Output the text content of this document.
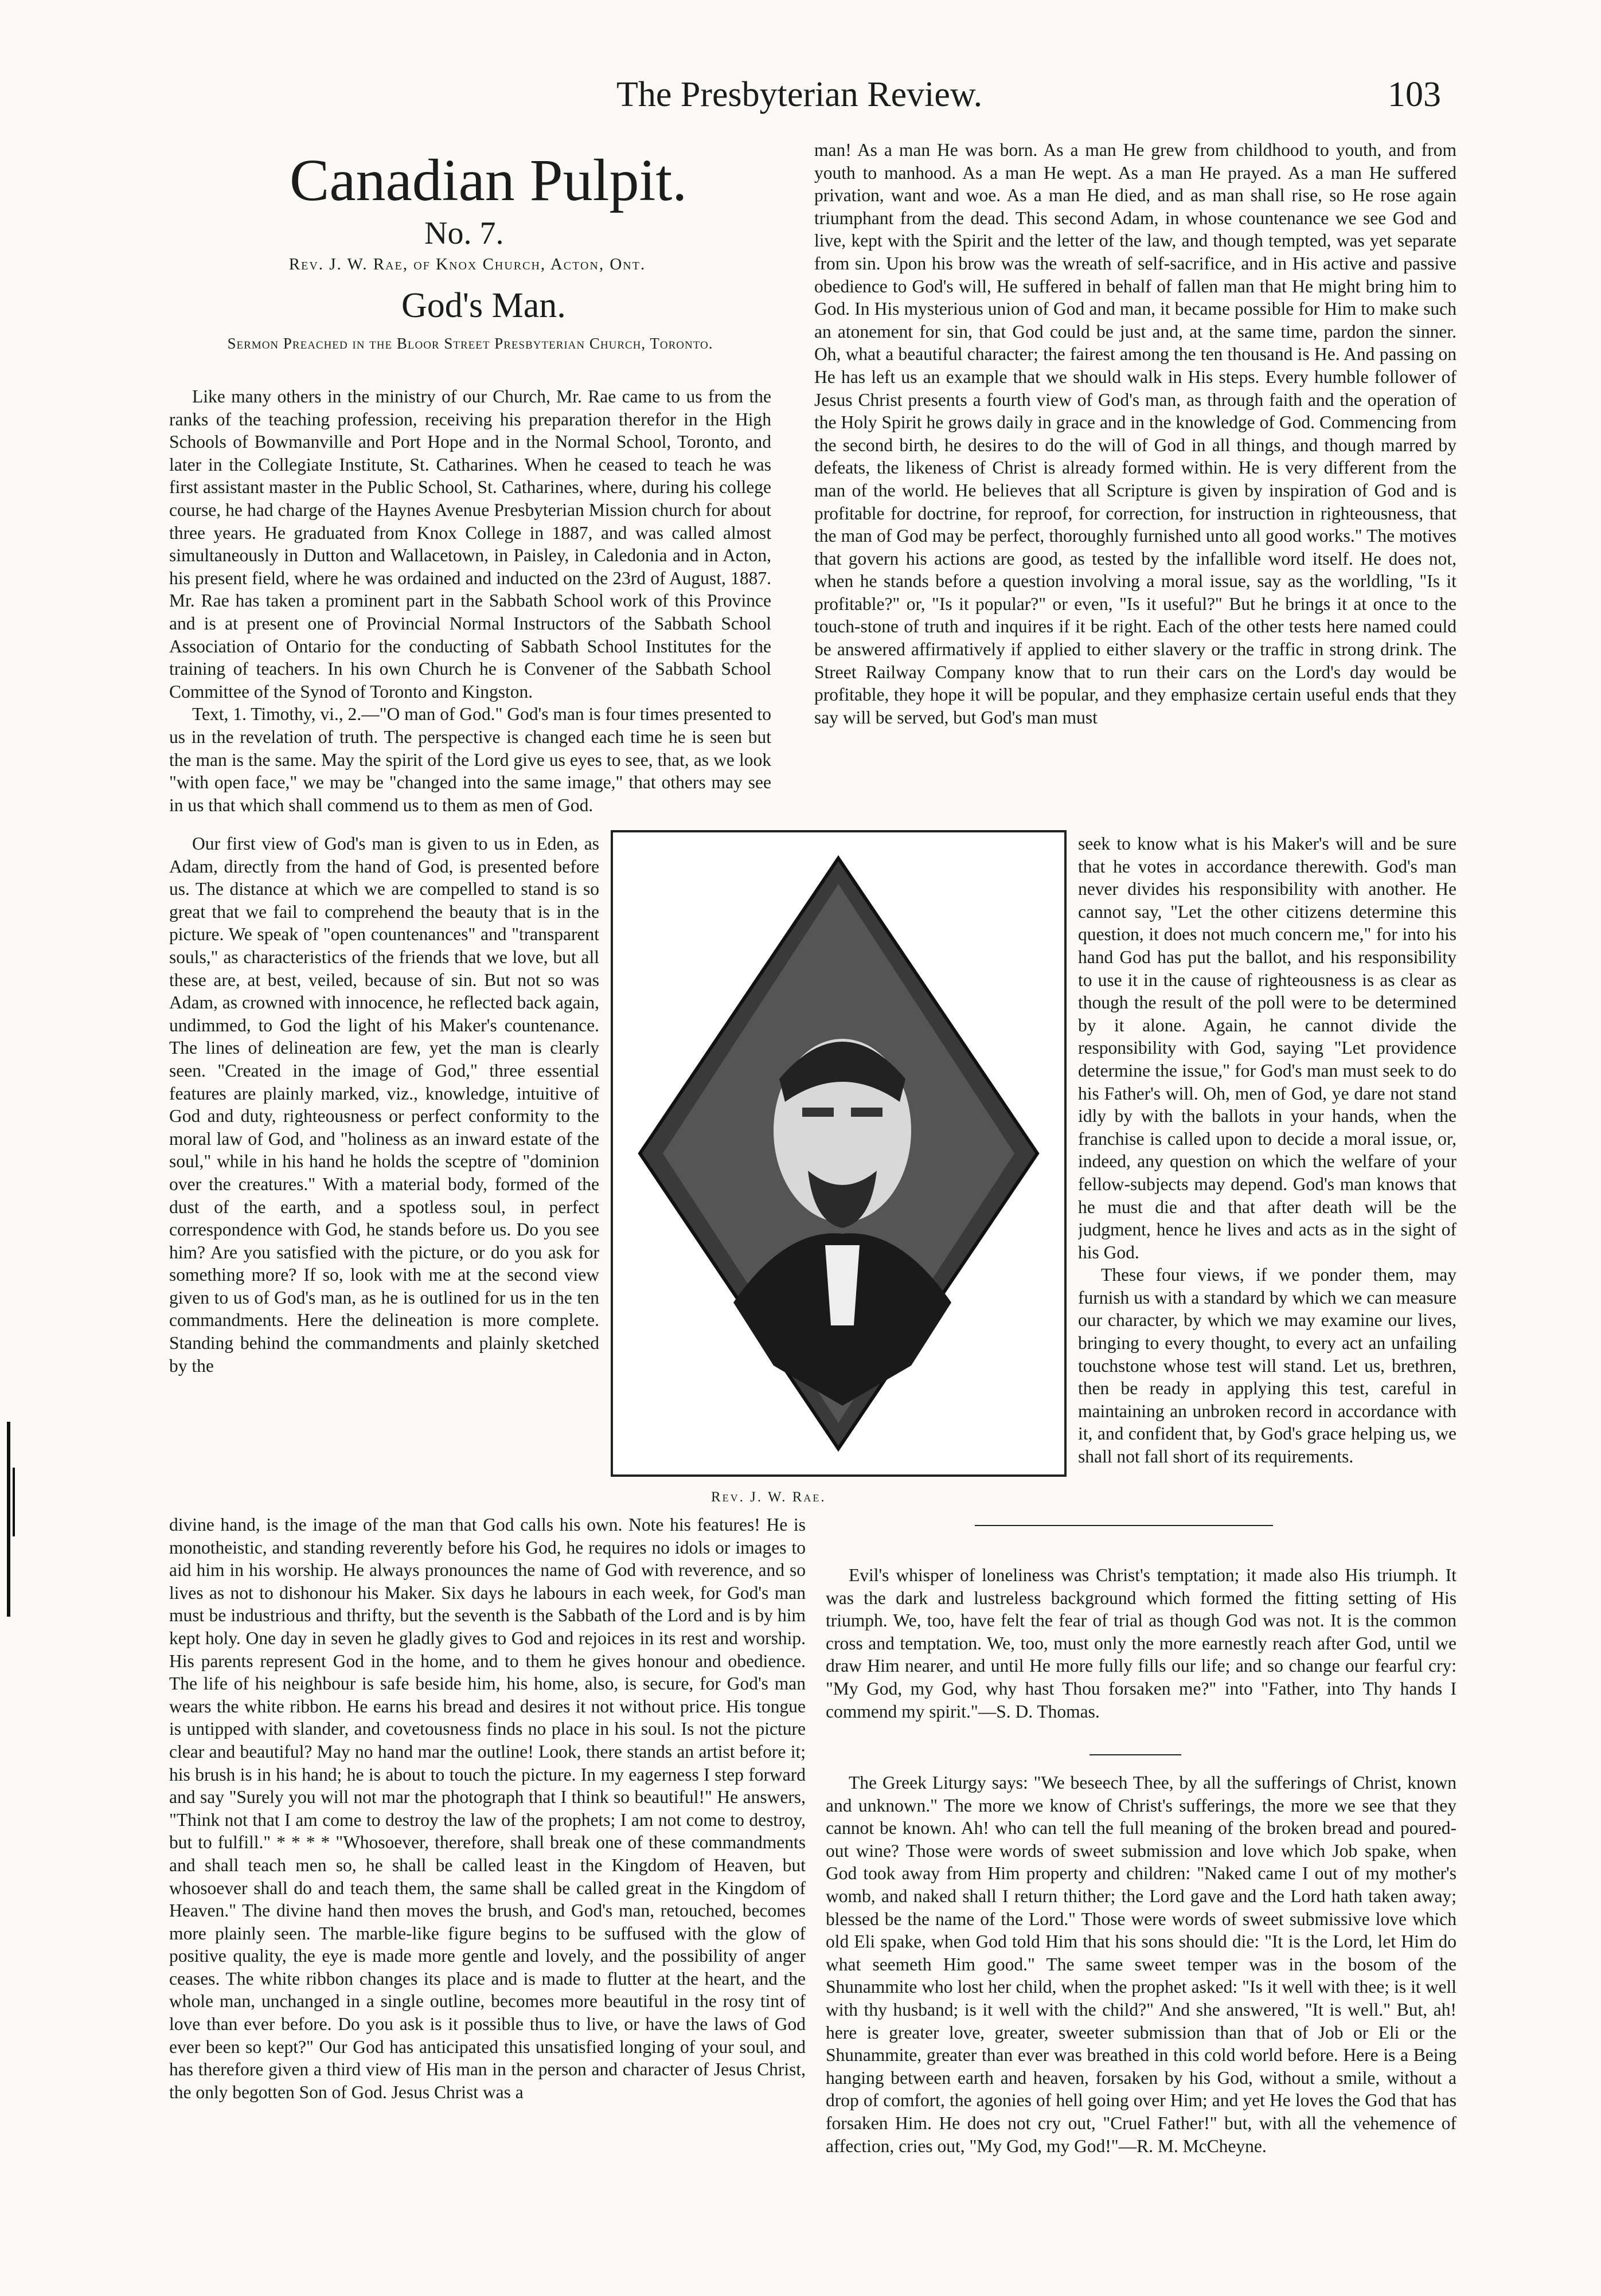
The Presbyterian Review.	103
Canadian Pulpit.
No. 7.
Rev. J. W. Rae, of Knox Church, Acton, Ont.
God's Man.
Sermon Preached in the Bloor Street Presbyterian Church, Toronto.

Like many others in the ministry of our Church, Mr. Rae came to us from the ranks of the teaching profession, receiving his preparation therefor in the High Schools of Bowmanville and Port Hope and in the Normal School, Toronto, and later in the Collegiate Institute, St. Catharines. When he ceased to teach he was first assistant master in the Public School, St. Catharines, where, during his college course, he had charge of the Haynes Avenue Presbyterian Mission church for about three years. He graduated from Knox College in 1887, and was called almost simultaneously in Dutton and Wallacetown, in Paisley, in Caledonia and in Acton, his present field, where he was ordained and inducted on the 23rd of August, 1887. Mr. Rae has taken a prominent part in the Sabbath School work of this Province and is at present one of Provincial Normal Instructors of the Sabbath School Association of Ontario for the conducting of Sabbath School Institutes for the training of teachers. In his own Church he is Convener of the Sabbath School Committee of the Synod of Toronto and Kingston.

Text, 1. Timothy, vi., 2.—"O man of God." God's man is four times presented to us in the revelation of truth. The perspective is changed each time he is seen but the man is the same. May the spirit of the Lord give us eyes to see, that, as we look "with open face," we may be "changed into the same image," that others may see in us that which shall commend us to them as men of God.

Our first view of God's man is given to us in Eden, as Adam, directly from the hand of God, is presented before us. The distance at which we are compelled to stand is so great that we fail to comprehend the beauty that is in the picture. We speak of "open countenances" and "transparent souls," as characteristics of the friends that we love, but all these are, at best, veiled, because of sin. But not so was Adam, as crowned with innocence, he reflected back again, undimmed, to God the light of his Maker's countenance. The lines of delineation are few, yet the man is clearly seen. "Created in the image of God," three essential features are plainly marked, viz., knowledge, intuitive of God and duty, righteousness or perfect conformity to the moral law of God, and "holiness as an inward estate of the soul," while in his hand he holds the sceptre of "dominion over the creatures." With a material body, formed of the dust of the earth, and a spotless soul, in perfect correspondence with God, he stands before us. Do you see him? Are you satisfied with the picture, or do you ask for something more? If so, look with me at the second view given to us of God's man, as he is outlined for us in the ten commandments. Here the delineation is more complete. Standing behind the commandments and plainly sketched by the

man! As a man He was born. As a man He grew from childhood to youth, and from youth to manhood. As a man He wept. As a man He prayed. As a man He suffered privation, want and woe. As a man He died, and as man shall rise, so He rose again triumphant from the dead. This second Adam, in whose countenance we see God and live, kept with the Spirit and the letter of the law, and though tempted, was yet separate from sin. Upon his brow was the wreath of self-sacrifice, and in His active and passive obedience to God's will, He suffered in behalf of fallen man that He might bring him to God. In His mysterious union of God and man, it became possible for Him to make such an atonement for sin, that God could be just and, at the same time, pardon the sinner. Oh, what a beautiful character; the fairest among the ten thousand is He. And passing on He has left us an example that we should walk in His steps. Every humble follower of Jesus Christ presents a fourth view of God's man, as through faith and the operation of the Holy Spirit he grows daily in grace and in the knowledge of God. Commencing from the second birth, he desires to do the will of God in all things, and though marred by defeats, the likeness of Christ is already formed within. He is very different from the man of the world. He believes that all Scripture is given by inspiration of God and is profitable for doctrine, for reproof, for correction, for instruction in righteousness, that the man of God may be perfect, thoroughly furnished unto all good works." The motives that govern his actions are good, as tested by the infallible word itself. He does not, when he stands before a question involving a moral issue, say as the worldling, "Is it profitable?" or, "Is it popular?" or even, "Is it useful?" But he brings it at once to the touch-stone of truth and inquires if it be right. Each of the other tests here named could be answered affirmatively if applied to either slavery or the traffic in strong drink. The Street Railway Company know that to run their cars on the Lord's day would be profitable, they hope it will be popular, and they emphasize certain useful ends that they say will be served, but God's man must

seek to know what is his Maker's will and be sure that he votes in accordance therewith. God's man never divides his responsibility with another. He cannot say, "Let the other citizens determine this question, it does not much concern me," for into his hand God has put the ballot, and his responsibility to use it in the cause of righteousness is as clear as though the result of the poll were to be determined by it alone. Again, he cannot divide the responsibility with God, saying "Let providence determine the issue," for God's man must seek to do his Father's will. Oh, men of God, ye dare not stand idly by with the ballots in your hands, when the franchise is called upon to decide a moral issue, or, indeed, any question on which the welfare of your fellow-subjects may depend. God's man knows that he must die and that after death will be the judgment, hence he lives and acts as in the sight of his God.

These four views, if we ponder them, may furnish us with a standard by which we can measure our character, by which we may examine our lives, bringing to every thought, to every act an unfailing touchstone whose test will stand. Let us, brethren, then be ready in applying this test, careful in maintaining an unbroken record in accordance with it, and confident that, by God's grace helping us, we shall not fall short of its requirements.

Rev. J. W. Rae.

divine hand, is the image of the man that God calls his own. Note his features! He is monotheistic, and standing reverently before his God, he requires no idols or images to aid him in his worship. He always pronounces the name of God with reverence, and so lives as not to dishonour his Maker. Six days he labours in each week, for God's man must be industrious and thrifty, but the seventh is the Sabbath of the Lord and is by him kept holy. One day in seven he gladly gives to God and rejoices in its rest and worship. His parents represent God in the home, and to them he gives honour and obedience. The life of his neighbour is safe beside him, his home, also, is secure, for God's man wears the white ribbon. He earns his bread and desires it not without price. His tongue is untipped with slander, and covetousness finds no place in his soul. Is not the picture clear and beautiful? May no hand mar the outline! Look, there stands an artist before it; his brush is in his hand; he is about to touch the picture. In my eagerness I step forward and say "Surely you will not mar the photograph that I think so beautiful!" He answers, "Think not that I am come to destroy the law of the prophets; I am not come to destroy, but to fulfill." * * * * "Whosoever, therefore, shall break one of these commandments and shall teach men so, he shall be called least in the Kingdom of Heaven, but whosoever shall do and teach them, the same shall be called great in the Kingdom of Heaven." The divine hand then moves the brush, and God's man, retouched, becomes more plainly seen. The marble-like figure begins to be suffused with the glow of positive quality, the eye is made more gentle and lovely, and the possibility of anger ceases. The white ribbon changes its place and is made to flutter at the heart, and the whole man, unchanged in a single outline, becomes more beautiful in the rosy tint of love than ever before. Do you ask is it possible thus to live, or have the laws of God ever been so kept?" Our God has anticipated this unsatisfied longing of your soul, and has therefore given a third view of His man in the person and character of Jesus Christ, the only begotten Son of God. Jesus Christ was a

Evil's whisper of loneliness was Christ's temptation; it made also His triumph. It was the dark and lustreless background which formed the fitting setting of His triumph. We, too, have felt the fear of trial as though God was not. It is the common cross and temptation. We, too, must only the more earnestly reach after God, until we draw Him nearer, and until He more fully fills our life; and so change our fearful cry: "My God, my God, why hast Thou forsaken me?" into "Father, into Thy hands I commend my spirit."—S. D. Thomas.

The Greek Liturgy says: "We beseech Thee, by all the sufferings of Christ, known and unknown." The more we know of Christ's sufferings, the more we see that they cannot be known. Ah! who can tell the full meaning of the broken bread and poured-out wine? Those were words of sweet submission and love which Job spake, when God took away from Him property and children: "Naked came I out of my mother's womb, and naked shall I return thither; the Lord gave and the Lord hath taken away; blessed be the name of the Lord." Those were words of sweet submissive love which old Eli spake, when God told Him that his sons should die: "It is the Lord, let Him do what seemeth Him good." The same sweet temper was in the bosom of the Shunammite who lost her child, when the prophet asked: "Is it well with thee; is it well with thy husband; is it well with the child?" And she answered, "It is well." But, ah! here is greater love, greater, sweeter submission than that of Job or Eli or the Shunammite, greater than ever was breathed in this cold world before. Here is a Being hanging between earth and heaven, forsaken by his God, without a smile, without a drop of comfort, the agonies of hell going over Him; and yet He loves the God that has forsaken Him. He does not cry out, "Cruel Father!" but, with all the vehemence of affection, cries out, "My God, my God!"—R. M. McCheyne.
